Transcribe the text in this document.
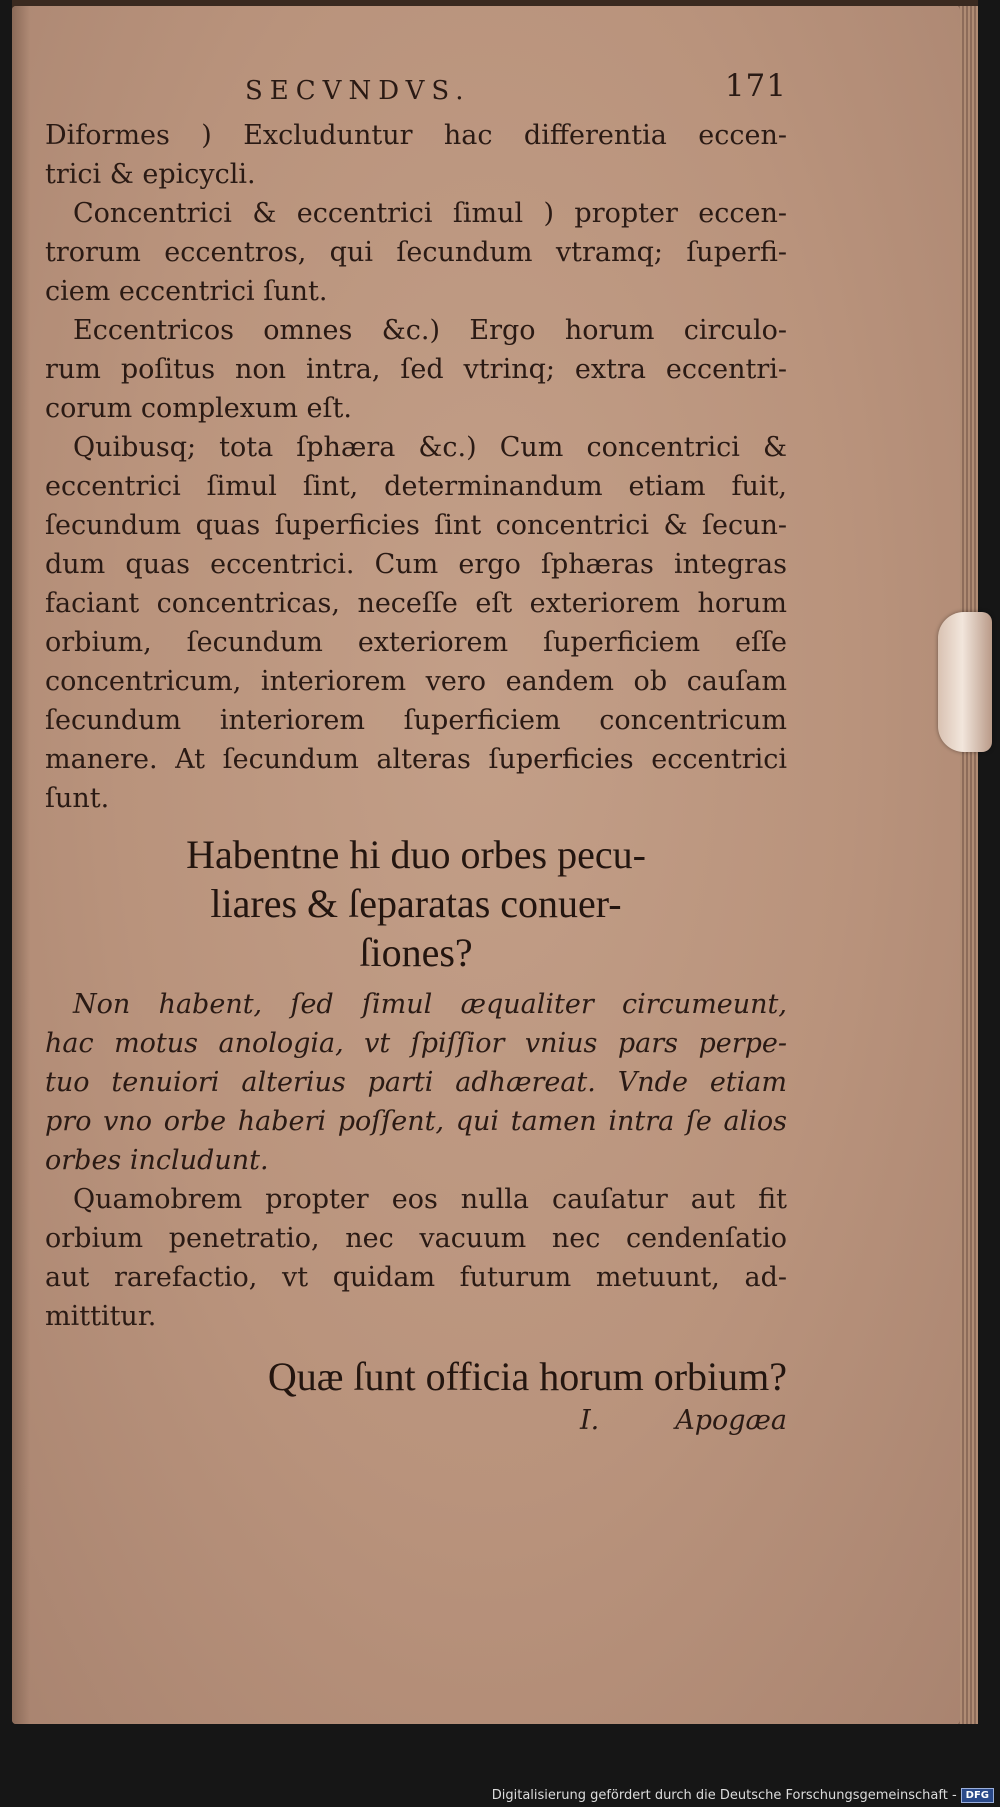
SECVNDVS.	171
Diformes ) Excluduntur hac differentia eccen-
trici & epicycli.
Concentrici & eccentrici ſimul ) propter eccen-
trorum eccentros, qui ſecundum vtramq; ſuperfi-
ciem eccentrici ſunt.
Eccentricos omnes &c.) Ergo horum circulo-
rum poſitus non intra, ſed vtrinq; extra eccentri-
corum complexum eſt.
Quibusq; tota ſphæra &c.) Cum concentrici &
eccentrici ſimul ſint, determinandum etiam fuit,
ſecundum quas ſuperficies ſint concentrici & ſecun-
dum quas eccentrici. Cum ergo ſphæras integras
faciant concentricas, neceſſe eſt exteriorem horum
orbium, ſecundum exteriorem ſuperficiem eſſe
concentricum, interiorem vero eandem ob cauſam
ſecundum interiorem ſuperficiem concentricum
manere. At ſecundum alteras ſuperficies eccentrici
ſunt.
Habentne hi duo orbes pecu-
liares & ſeparatas conuer-
ſiones?
Non habent, ſed ſimul æqualiter circumeunt,
hac motus anologia, vt ſpiſſior vnius pars perpe-
tuo tenuiori alterius parti adhæreat. Vnde etiam
pro vno orbe haberi poſſent, qui tamen intra ſe alios
orbes includunt.
Quamobrem propter eos nulla cauſatur aut fit
orbium penetratio, nec vacuum nec cendenſatio
aut rarefactio, vt quidam futurum metuunt, ad-
mittitur.
Quæ ſunt officia horum orbium?
I.	Apogæa
Digitalisierung gefördert durch die Deutsche Forschungsgemeinschaft - DFG
